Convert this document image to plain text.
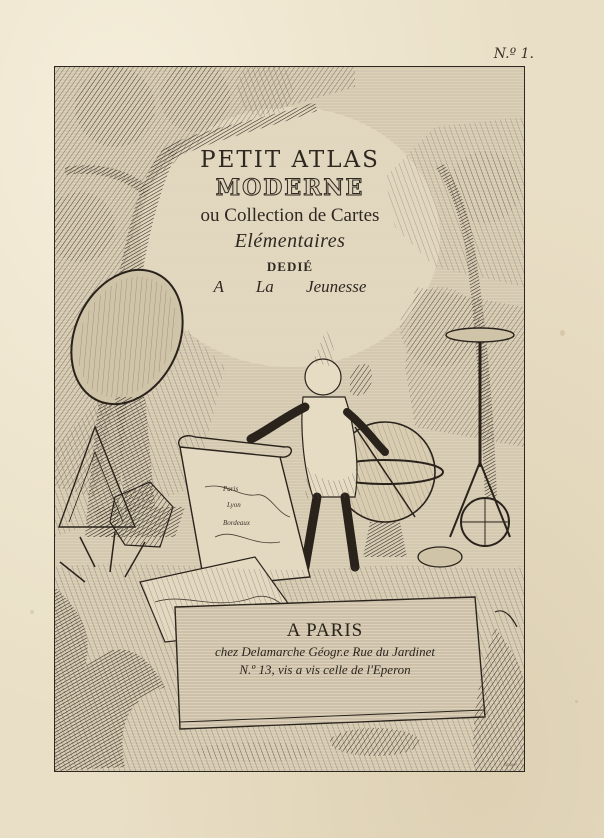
N.º 1.
Paris
Lyon
Bordeaux
PETIT ATLAS
MODERNE
ou Collection de Cartes
Elémentaires
DEDIÉ
A La Jeunesse
A PARIS
chez Delamarche Géogr.e Rue du Jardinet
N.º 13, vis a vis celle de l'Eperon
Gravé
